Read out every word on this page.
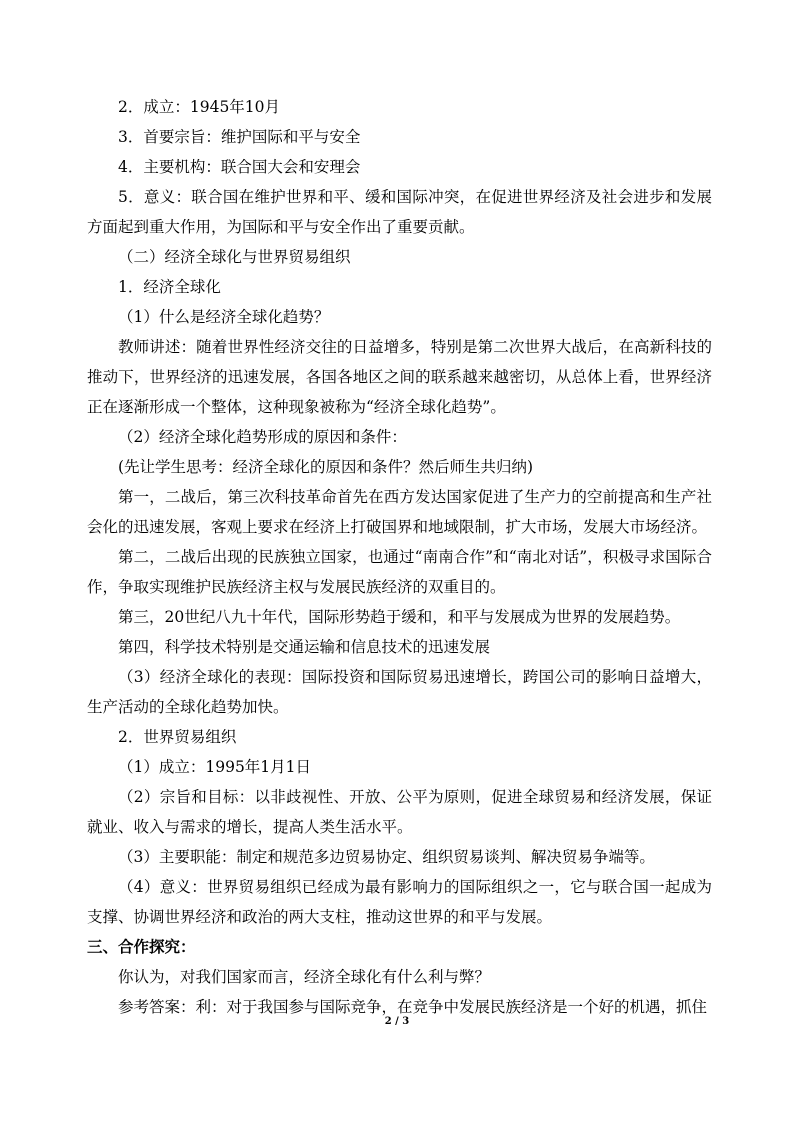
2．成立：1945年10月

3．首要宗旨：维护国际和平与安全

4．主要机构：联合国大会和安理会

5．意义：联合国在维护世界和平、缓和国际冲突，在促进世界经济及社会进步和发展方面起到重大作用，为国际和平与安全作出了重要贡献。

（二）经济全球化与世界贸易组织

1．经济全球化

（1）什么是经济全球化趋势？

教师讲述：随着世界性经济交往的日益增多，特别是第二次世界大战后，在高新科技的推动下，世界经济的迅速发展，各国各地区之间的联系越来越密切，从总体上看，世界经济正在逐渐形成一个整体，这种现象被称为“经济全球化趋势”。

（2）经济全球化趋势形成的原因和条件：

(先让学生思考：经济全球化的原因和条件？然后师生共归纳)

第一，二战后，第三次科技革命首先在西方发达国家促进了生产力的空前提高和生产社会化的迅速发展，客观上要求在经济上打破国界和地域限制，扩大市场，发展大市场经济。

第二，二战后出现的民族独立国家，也通过“南南合作”和“南北对话”，积极寻求国际合作，争取实现维护民族经济主权与发展民族经济的双重目的。

第三，20世纪八九十年代，国际形势趋于缓和，和平与发展成为世界的发展趋势。

第四，科学技术特别是交通运输和信息技术的迅速发展

（3）经济全球化的表现：国际投资和国际贸易迅速增长，跨国公司的影响日益增大，生产活动的全球化趋势加快。

2．世界贸易组织

（1）成立：1995年1月1日

（2）宗旨和目标：以非歧视性、开放、公平为原则，促进全球贸易和经济发展，保证就业、收入与需求的增长，提高人类生活水平。

（3）主要职能：制定和规范多边贸易协定、组织贸易谈判、解决贸易争端等。

（4）意义：世界贸易组织已经成为最有影响力的国际组织之一，它与联合国一起成为支撑、协调世界经济和政治的两大支柱，推动这世界的和平与发展。

三、合作探究：

你认为，对我们国家而言，经济全球化有什么利与弊？

参考答案：利：对于我国参与国际竞争，在竞争中发展民族经济是一个好的机遇，抓住

2 / 3
